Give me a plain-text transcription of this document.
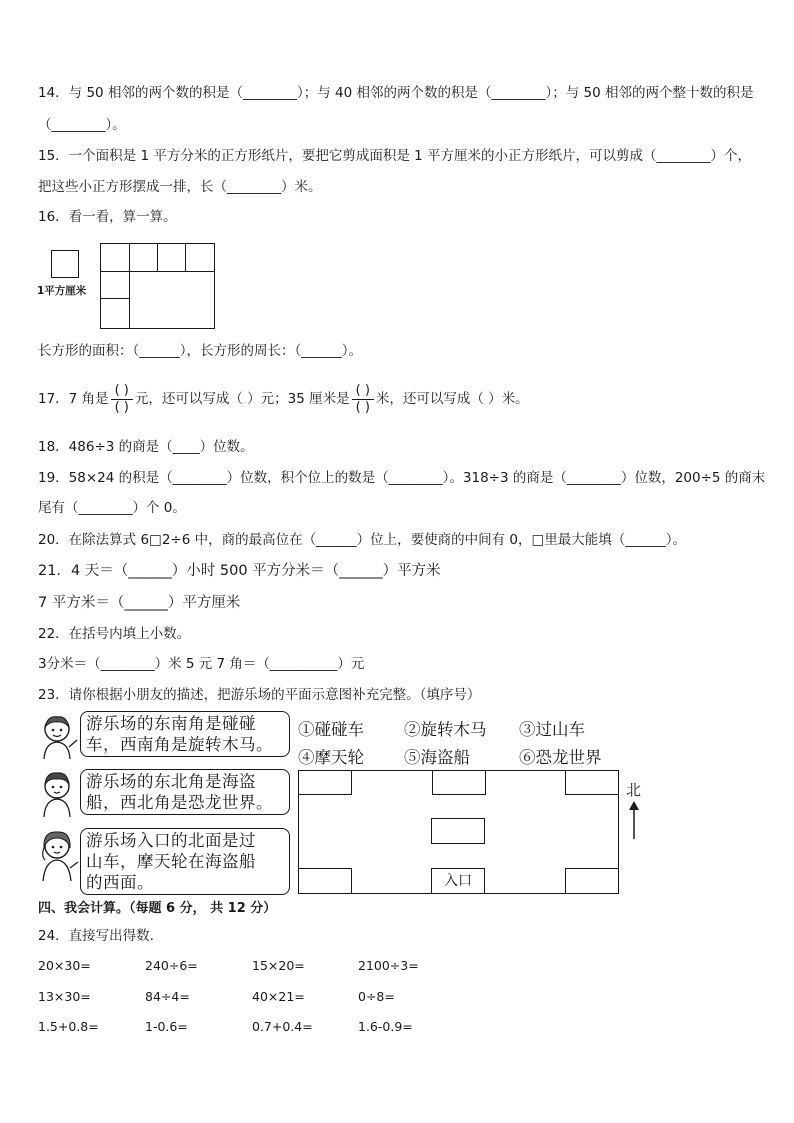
14．与 50 相邻的两个数的积是（________）；与 40 相邻的两个数的积是（________）；与 50 相邻的两个整十数的积是
（________）。
15．一个面积是 1 平方分米的正方形纸片，要把它剪成面积是 1 平方厘米的小正方形纸片，可以剪成（________）个，
把这些小正方形摆成一排，长（________）米。
16．看一看，算一算。
1平方厘米
长方形的面积：（______），长方形的周长：（______）。
17．7 角是 $\frac{( )}{( )}$ 元，还可以写成（ ）元；35 厘米是 $\frac{( )}{( )}$ 米，还可以写成（ ）米。
18．486÷3 的商是（____）位数。
19．58×24 的积是（________）位数，积个位上的数是（________）。318÷3 的商是（________）位数，200÷5 的商末
尾有（________）个 0。
20．在除法算式 6□2÷6 中，商的最高位在（______）位上，要使商的中间有 0，□里最大能填（______）。
21．4 天＝（______）小时 500 平方分米＝（______）平方米
7 平方米＝（______）平方厘米
22．在括号内填上小数。
3分米＝（________）米 5 元 7 角＝（__________）元
23．请你根据小朋友的描述，把游乐场的平面示意图补充完整。（填序号）
游乐场的东南角是碰碰
车，西南角是旋转木马。
游乐场的东北角是海盗
船，西北角是恐龙世界。
游乐场入口的北面是过
山车，摩天轮在海盗船
的西面。
①碰碰车 ②旋转木马 ③过山车
④摩天轮 ⑤海盗船	⑥恐龙世界
入口
北
四、我会计算。（每题 6 分， 共 12 分）
24．直接写出得数.
20×30=	240÷6=	15×20=	2100÷3=
13×30=	84÷4=	40×21=	0÷8=
1.5+0.8=	1-0.6=	0.7+0.4=	1.6-0.9=
